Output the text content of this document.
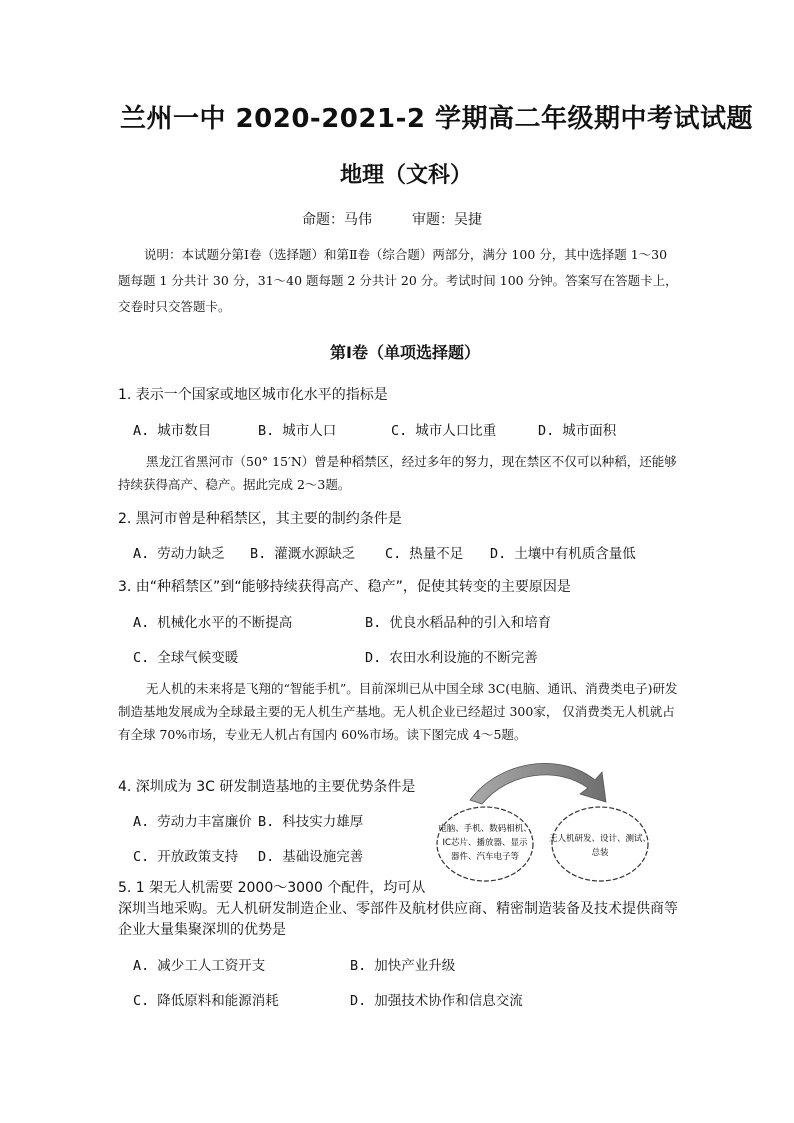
兰州一中 2020-2021-2 学期高二年级期中考试试题
地理（文科）
命题：马伟	审题：吴捷
说明：本试题分第Ⅰ卷（选择题）和第Ⅱ卷（综合题）两部分，满分 100 分，其中选择题 1～30 题每题 1 分共计 30 分，31～40 题每题 2 分共计 20 分。考试时间 100 分钟。答案写在答题卡上，交卷时只交答题卡。
第Ⅰ卷（单项选择题）
1. 表示一个国家或地区城市化水平的指标是
A. 城市数目	B. 城市人口	C. 城市人口比重	D. 城市面积
黑龙江省黑河市（50° 15′N）曾是种稻禁区，经过多年的努力，现在禁区不仅可以种稻，还能够持续获得高产、稳产。据此完成 2～3题。
2. 黑河市曾是种稻禁区，其主要的制约条件是
A. 劳动力缺乏 B. 灌溉水源缺乏 C. 热量不足 D. 土壤中有机质含量低
3. 由“种稻禁区”到“能够持续获得高产、稳产”，促使其转变的主要原因是
A. 机械化水平的不断提高	B. 优良水稻品种的引入和培育
C. 全球气候变暖	D. 农田水利设施的不断完善
无人机的未来将是飞翔的“智能手机”。目前深圳已从中国全球 3C(电脑、通讯、消费类电子)研发制造基地发展成为全球最主要的无人机生产基地。无人机企业已经超过 300家， 仅消费类无人机就占有全球 70%市场，专业无人机占有国内 60%市场。读下图完成 4～5题。
4. 深圳成为 3C 研发制造基地的主要优势条件是
A. 劳动力丰富廉价 B. 科技实力雄厚
C. 开放政策支持 D. 基础设施完善
电脑、手机、数码相机、
IC芯片、播放器、显示
器件、汽车电子等
无人机研发、设计、测试、
总装
5. 1 架无人机需要 2000～3000 个配件，均可从
深圳当地采购。无人机研发制造企业、零部件及航材供应商、精密制造装备及技术提供商等企业大量集聚深圳的优势是
A. 减少工人工资开支	B. 加快产业升级
C. 降低原料和能源消耗	D. 加强技术协作和信息交流
